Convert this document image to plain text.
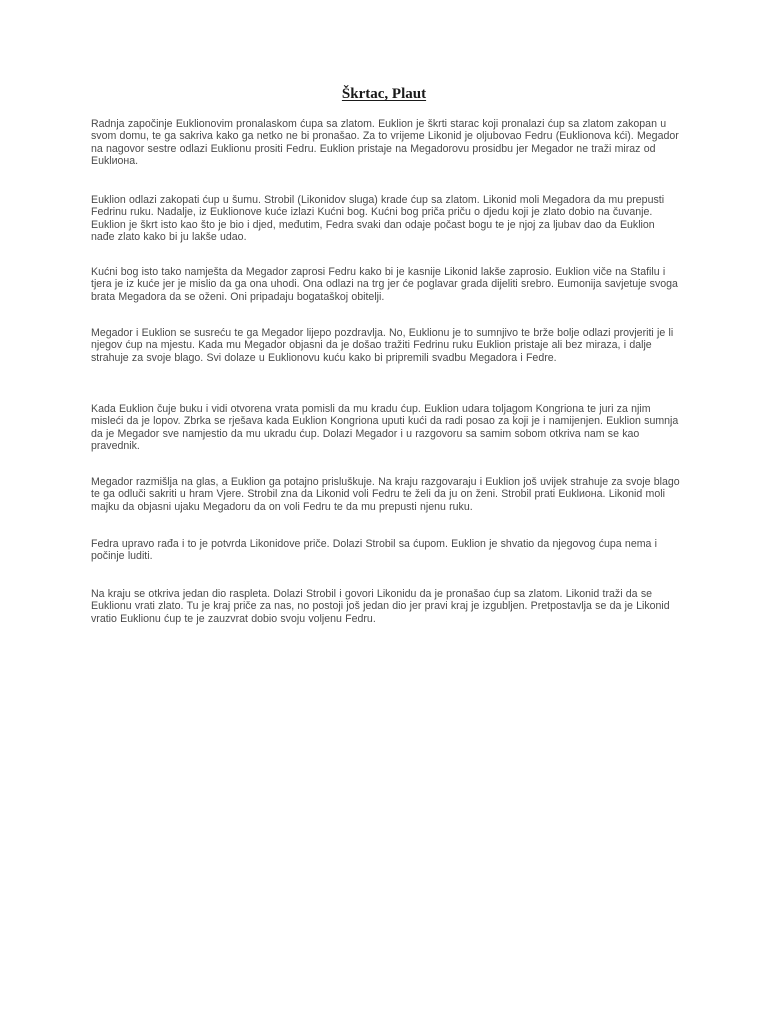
Škrtac, Plaut

Radnja započinje Euklionovim pronalaskom ćupa sa zlatom. Euklion je škrti starac koji pronalazi ćup sa zlatom zakopan u svom domu, te ga sakriva kako ga netko ne bi pronašao. Za to vrijeme Likonid je oljubovao Fedru (Euklionova kći). Megador na nagovor sestre odlazi Euklionu prositi Fedru. Euklion pristaje na Megadorovu prosidbu jer Megador ne traži miraz od Euklиона.

Euklion odlazi zakopati ćup u šumu. Strobil (Likonidov sluga) krade ćup sa zlatom. Likonid moli Megadora da mu prepusti Fedrinu ruku. Nadalje, iz Euklionove kuće izlazi Kućni bog. Kućni bog priča priču o djedu koji je zlato dobio na čuvanje. Euklion je škrt isto kao što je bio i djed, međutim, Fedra svaki dan odaje počast bogu te je njoj za ljubav dao da Euklion nađe zlato kako bi ju lakše udao.

Kućni bog isto tako namješta da Megador zaprosi Fedru kako bi je kasnije Likonid lakše zaprosio. Euklion viče na Stafilu i tjera je iz kuće jer je mislio da ga ona uhodi. Ona odlazi na trg jer će poglavar grada dijeliti srebro. Eumonija savjetuje svoga brata Megadora da se oženi. Oni pripadaju bogataškoj obitelji.

Megador i Euklion se susreću te ga Megador lijepo pozdravlja. No, Euklionu je to sumnjivo te brže bolje odlazi provjeriti je li njegov ćup na mjestu. Kada mu Megador objasni da je došao tražiti Fedrinu ruku Euklion pristaje ali bez miraza, i dalje strahuje za svoje blago. Svi dolaze u Euklionovu kuću kako bi pripremili svadbu Megadora i Fedre.

Kada Euklion čuje buku i vidi otvorena vrata pomisli da mu kradu ćup. Euklion udara toljagom Kongriona te juri za njim misleći da je lopov. Zbrka se rješava kada Euklion Kongriona uputi kući da radi posao za koji je i namijenjen. Euklion sumnja da je Megador sve namjestio da mu ukradu ćup. Dolazi Megador i u razgovoru sa samim sobom otkriva nam se kao pravednik.

Megador razmišlja na glas, a Euklion ga potajno prisluškuje. Na kraju razgovaraju i Euklion još uvijek strahuje za svoje blago te ga odluči sakriti u hram Vjere. Strobil zna da Likonid voli Fedru te želi da ju on ženi. Strobil prati Euklиона. Likonid moli majku da objasni ujaku Megadoru da on voli Fedru te da mu prepusti njenu ruku.

Fedra upravo rađa i to je potvrda Likonidove priče. Dolazi Strobil sa ćupom. Euklion je shvatio da njegovog ćupa nema i počinje luditi.

Na kraju se otkriva jedan dio raspleta. Dolazi Strobil i govori Likonidu da je pronašao ćup sa zlatom. Likonid traži da se Euklionu vrati zlato. Tu je kraj priče za nas, no postoji još jedan dio jer pravi kraj je izgubljen. Pretpostavlja se da je Likonid vratio Euklionu ćup te je zauzvrat dobio svoju voljenu Fedru.
